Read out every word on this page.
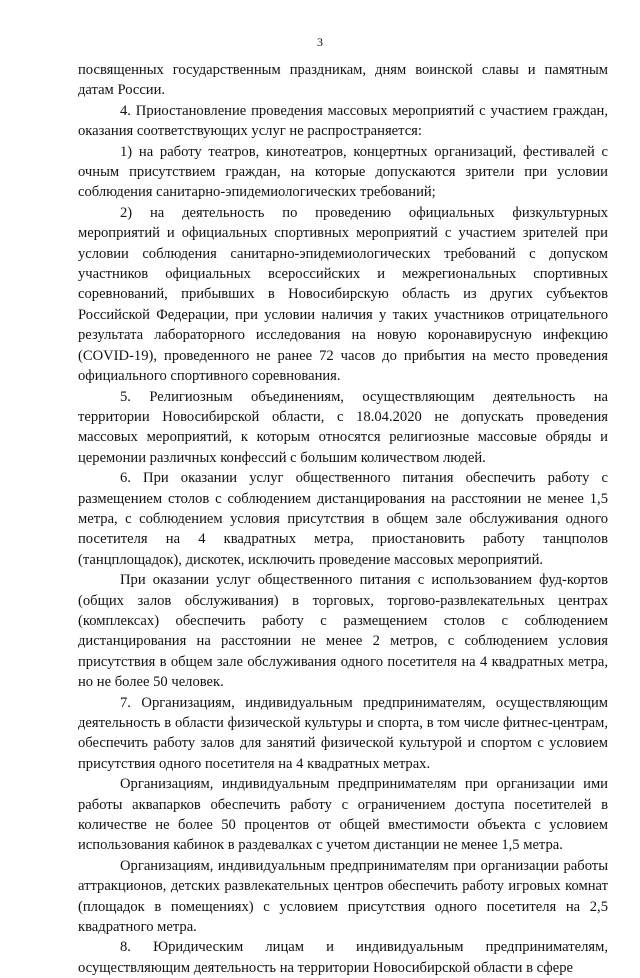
3

посвященных государственным праздникам, дням воинской славы и памятным датам России.

4. Приостановление проведения массовых мероприятий с участием граждан, оказания соответствующих услуг не распространяется:

1) на работу театров, кинотеатров, концертных организаций, фестивалей с очным присутствием граждан, на которые допускаются зрители при условии соблюдения санитарно-эпидемиологических требований;

2) на деятельность по проведению официальных физкультурных мероприятий и официальных спортивных мероприятий с участием зрителей при условии соблюдения санитарно-эпидемиологических требований с допуском участников официальных всероссийских и межрегиональных спортивных соревнований, прибывших в Новосибирскую область из других субъектов Российской Федерации, при условии наличия у таких участников отрицательного результата лабораторного исследования на новую коронавирусную инфекцию (COVID-19), проведенного не ранее 72 часов до прибытия на место проведения официального спортивного соревнования.

5. Религиозным объединениям, осуществляющим деятельность на территории Новосибирской области, с 18.04.2020 не допускать проведения массовых мероприятий, к которым относятся религиозные массовые обряды и церемонии различных конфессий с большим количеством людей.

6. При оказании услуг общественного питания обеспечить работу с размещением столов с соблюдением дистанцирования на расстоянии не менее 1,5 метра, с соблюдением условия присутствия в общем зале обслуживания одного посетителя на 4 квадратных метра, приостановить работу танцполов (танцплощадок), дискотек, исключить проведение массовых мероприятий.

При оказании услуг общественного питания с использованием фуд-кортов (общих залов обслуживания) в торговых, торгово-развлекательных центрах (комплексах) обеспечить работу с размещением столов с соблюдением дистанцирования на расстоянии не менее 2 метров, с соблюдением условия присутствия в общем зале обслуживания одного посетителя на 4 квадратных метра, но не более 50 человек.

7. Организациям, индивидуальным предпринимателям, осуществляющим деятельность в области физической культуры и спорта, в том числе фитнес-центрам, обеспечить работу залов для занятий физической культурой и спортом с условием присутствия одного посетителя на 4 квадратных метрах.

Организациям, индивидуальным предпринимателям при организации ими работы аквапарков обеспечить работу с ограничением доступа посетителей в количестве не более 50 процентов от общей вместимости объекта с условием использования кабинок в раздевалках с учетом дистанции не менее 1,5 метра.

Организациям, индивидуальным предпринимателям при организации работы аттракционов, детских развлекательных центров обеспечить работу игровых комнат (площадок в помещениях) с условием присутствия одного посетителя на 2,5 квадратного метра.

8. Юридическим лицам и индивидуальным предпринимателям, осуществляющим деятельность на территории Новосибирской области в сфере
